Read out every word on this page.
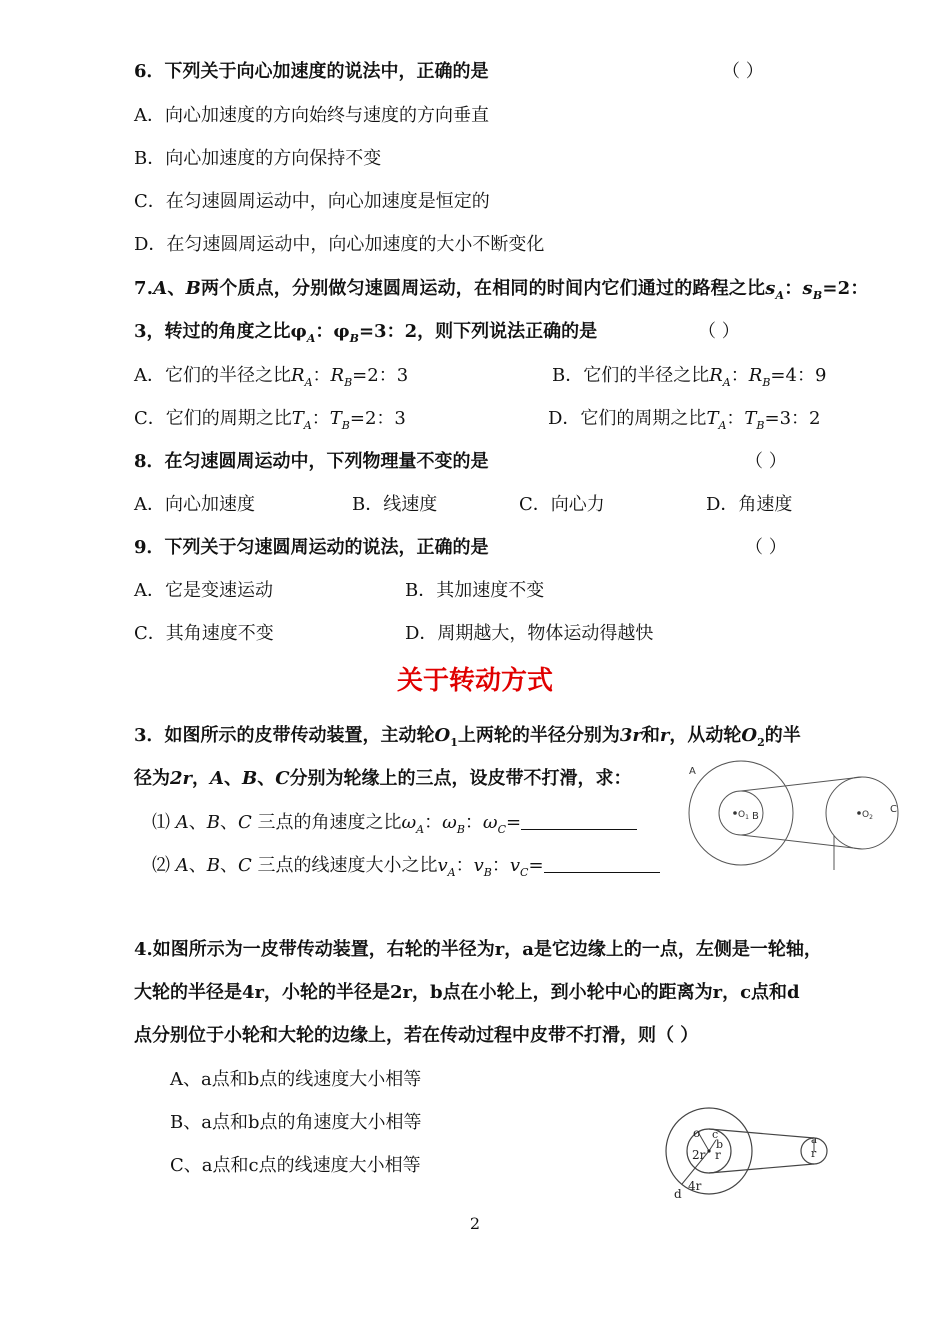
6．下列关于向心加速度的说法中，正确的是	（ ）
A．向心加速度的方向始终与速度的方向垂直
B．向心加速度的方向保持不变
C．在匀速圆周运动中，向心加速度是恒定的
D．在匀速圆周运动中，向心加速度的大小不断变化
7.A、B两个质点，分别做匀速圆周运动，在相同的时间内它们通过的路程之比$s_A$：$s_B=2$：
3，转过的角度之比$\varphi_A$：$\varphi_B=3$：2，则下列说法正确的是	（ ）
A．它们的半径之比$R_A$：$R_B=2$：3	B．它们的半径之比$R_A$：$R_B=4$：9
C．它们的周期之比$T_A$：$T_B=2$：3	D．它们的周期之比$T_A$：$T_B=3$：2
8．在匀速圆周运动中，下列物理量不变的是	（ ）
A．向心加速度	B．线速度	C．向心力	D．角速度
9．下列关于匀速圆周运动的说法，正确的是	（ ）
A．它是变速运动	B．其加速度不变
C．其角速度不变	D．周期越大，物体运动得越快
关于转动方式
3．如图所示的皮带传动装置，主动轮$O_1$上两轮的半径分别为3r和r，从动轮$O_2$的半
径为2r，A、B、C分别为轮缘上的三点，设皮带不打滑，求：
⑴ A、B、C 三点的角速度之比$\omega_A$：$\omega_B$：$\omega_C=$
⑵ A、B、C 三点的线速度大小之比$v_A$：$v_B$：$v_C=$
A
$O_1$ B	$O_2$
C
4.如图所示为一皮带传动装置，右轮的半径为r，a是它边缘上的一点，左侧是一轮轴，
大轮的半径是4r，小轮的半径是2r，b点在小轮上，到小轮中心的距离为r，c点和d
点分别位于小轮和大轮的边缘上，若在传动过程中皮带不打滑，则（ ）
A、a点和b点的线速度大小相等
B、a点和b点的角速度大小相等
C、a点和c点的线速度大小相等
o c
b
2r r
4r
d
a
r
2
